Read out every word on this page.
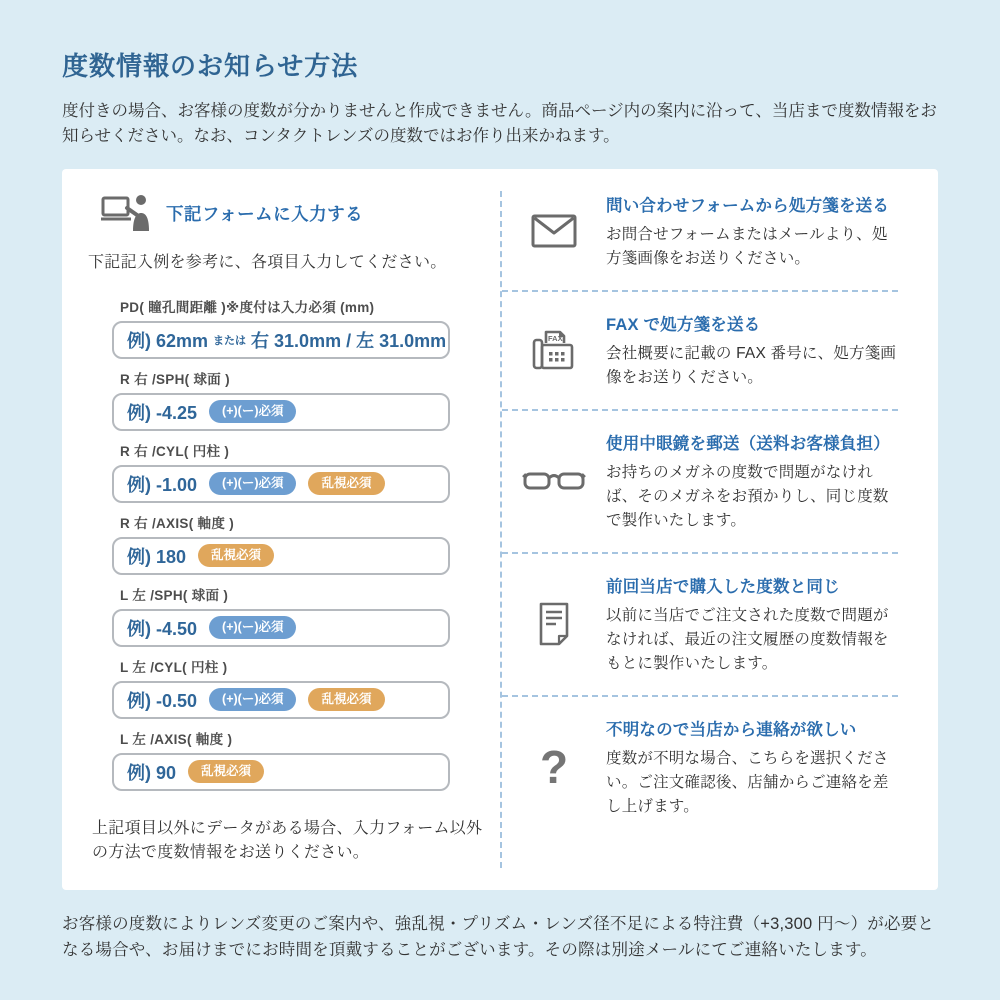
度数情報のお知らせ方法
度付きの場合、お客様の度数が分かりませんと作成できません。商品ページ内の案内に沿って、当店まで度数情報をお知らせください。なお、コンタクトレンズの度数ではお作り出来かねます。
下記フォームに入力する
下記記入例を参考に、各項目入力してください。
PD( 瞳孔間距離 )※度付は入力必須 (mm)
例) 62mm または 右 31.0mm / 左 31.0mm
R 右 /SPH( 球面 )
例) -4.25	(+)(ー)必須
R 右 /CYL( 円柱 )
例) -1.00	(+)(ー)必須	乱視必須
R 右 /AXIS( 軸度 )
例) 180	乱視必須
L 左 /SPH( 球面 )
例) -4.50	(+)(ー)必須
L 左 /CYL( 円柱 )
例) -0.50	(+)(ー)必須	乱視必須
L 左 /AXIS( 軸度 )
例) 90	乱視必須
上記項目以外にデータがある場合、入力フォーム以外の方法で度数情報をお送りください。
問い合わせフォームから処方箋を送る
お問合せフォームまたはメールより、処方箋画像をお送りください。
FAX
FAX で処方箋を送る
会社概要に記載の FAX 番号に、処方箋画像をお送りください。
使用中眼鏡を郵送（送料お客様負担）
お持ちのメガネの度数で問題がなければ、そのメガネをお預かりし、同じ度数で製作いたします。
前回当店で購入した度数と同じ
以前に当店でご注文された度数で問題がなければ、最近の注文履歴の度数情報をもとに製作いたします。
?
不明なので当店から連絡が欲しい
度数が不明な場合、こちらを選択ください。ご注文確認後、店舗からご連絡を差し上げます。
お客様の度数によりレンズ変更のご案内や、強乱視・プリズム・レンズ径不足による特注費（+3,300 円〜）が必要となる場合や、お届けまでにお時間を頂戴することがございます。その際は別途メールにてご連絡いたします。
